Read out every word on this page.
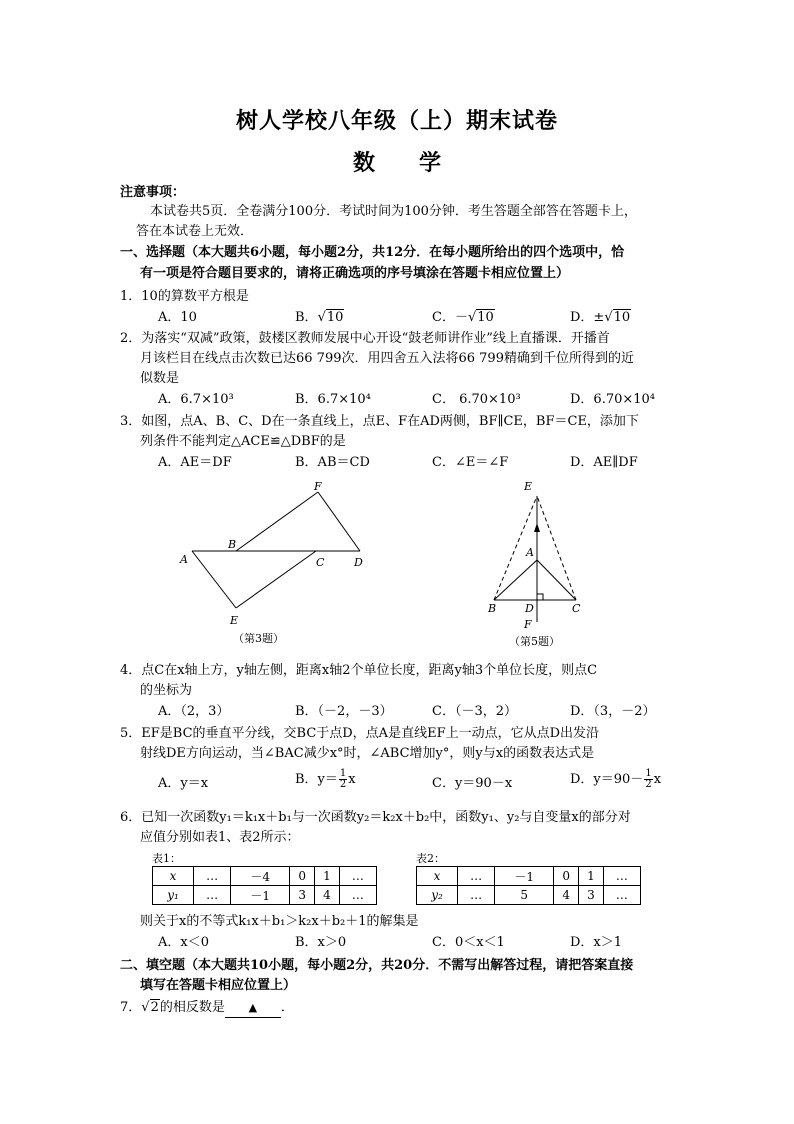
树人学校八年级（上）期末试卷
数　　学
注意事项：
本试卷共5页．全卷满分100分．考试时间为100分钟．考生答题全部答在答题卡上，
答在本试卷上无效．
一、选择题（本大题共6小题，每小题2分，共12分．在每小题所给出的四个选项中，恰
有一项是符合题目要求的，请将正确选项的序号填涂在答题卡相应位置上）
1．10的算数平方根是
A．10	B．√10	C．－√10	D．±√10
2．为落实“双减”政策，鼓楼区教师发展中心开设“鼓老师讲作业”线上直播课．开播首
月该栏目在线点击次数已达66 799次．用四舍五入法将66 799精确到千位所得到的近
似数是
A．6.7×10³	B．6.7×10⁴	C． 6.70×10³	D．6.70×10⁴
3．如图，点A、B、C、D在一条直线上，点E、F在AD两侧，BF∥CE，BF＝CE，添加下
列条件不能判定△ACE≌△DBF的是
A．AE＝DF	B．AB＝CD	C．∠E＝∠F	D．AE∥DF
A
B
C	D
E
F
（第3题）
E
A
B	D	C
F
（第5题）
4．点C在x轴上方，y轴左侧，距离x轴2个单位长度，距离y轴3个单位长度，则点C
的坐标为
A．（2，3）	B．（－2，－3）	C．（－3，2）	D．（3，－2）
5．EF是BC的垂直平分线，交BC于点D，点A是直线EF上一动点，它从点D出发沿
射线DE方向运动，当∠BAC减少x°时，∠ABC增加y°，则y与x的函数表达式是
A．y＝x	B．$y= \frac{1}{2}$ x	C．y＝90－x	D．$y=90- \frac{1}{2}$ x
6．已知一次函数y₁＝k₁x＋b₁与一次函数y₂＝k₂x＋b₂中，函数y₁、y₂与自变量x的部分对
应值分别如表1、表2所示：
表1：
x	…	－4	0	1	…
y₁	…	－1	3	4	…
表2：
x	…	－1	0	1	…
y₂	…	5	4	3	…
则关于x的不等式k₁x＋b₁＞k₂x＋b₂＋1的解集是
A．x＜0	B．x＞0	C．0＜x＜1	D．x＞1
二、填空题（本大题共10小题，每小题2分，共20分．不需写出解答过程，请把答案直接
填写在答题卡相应位置上）
7．√2的相反数是 ▲ ．
